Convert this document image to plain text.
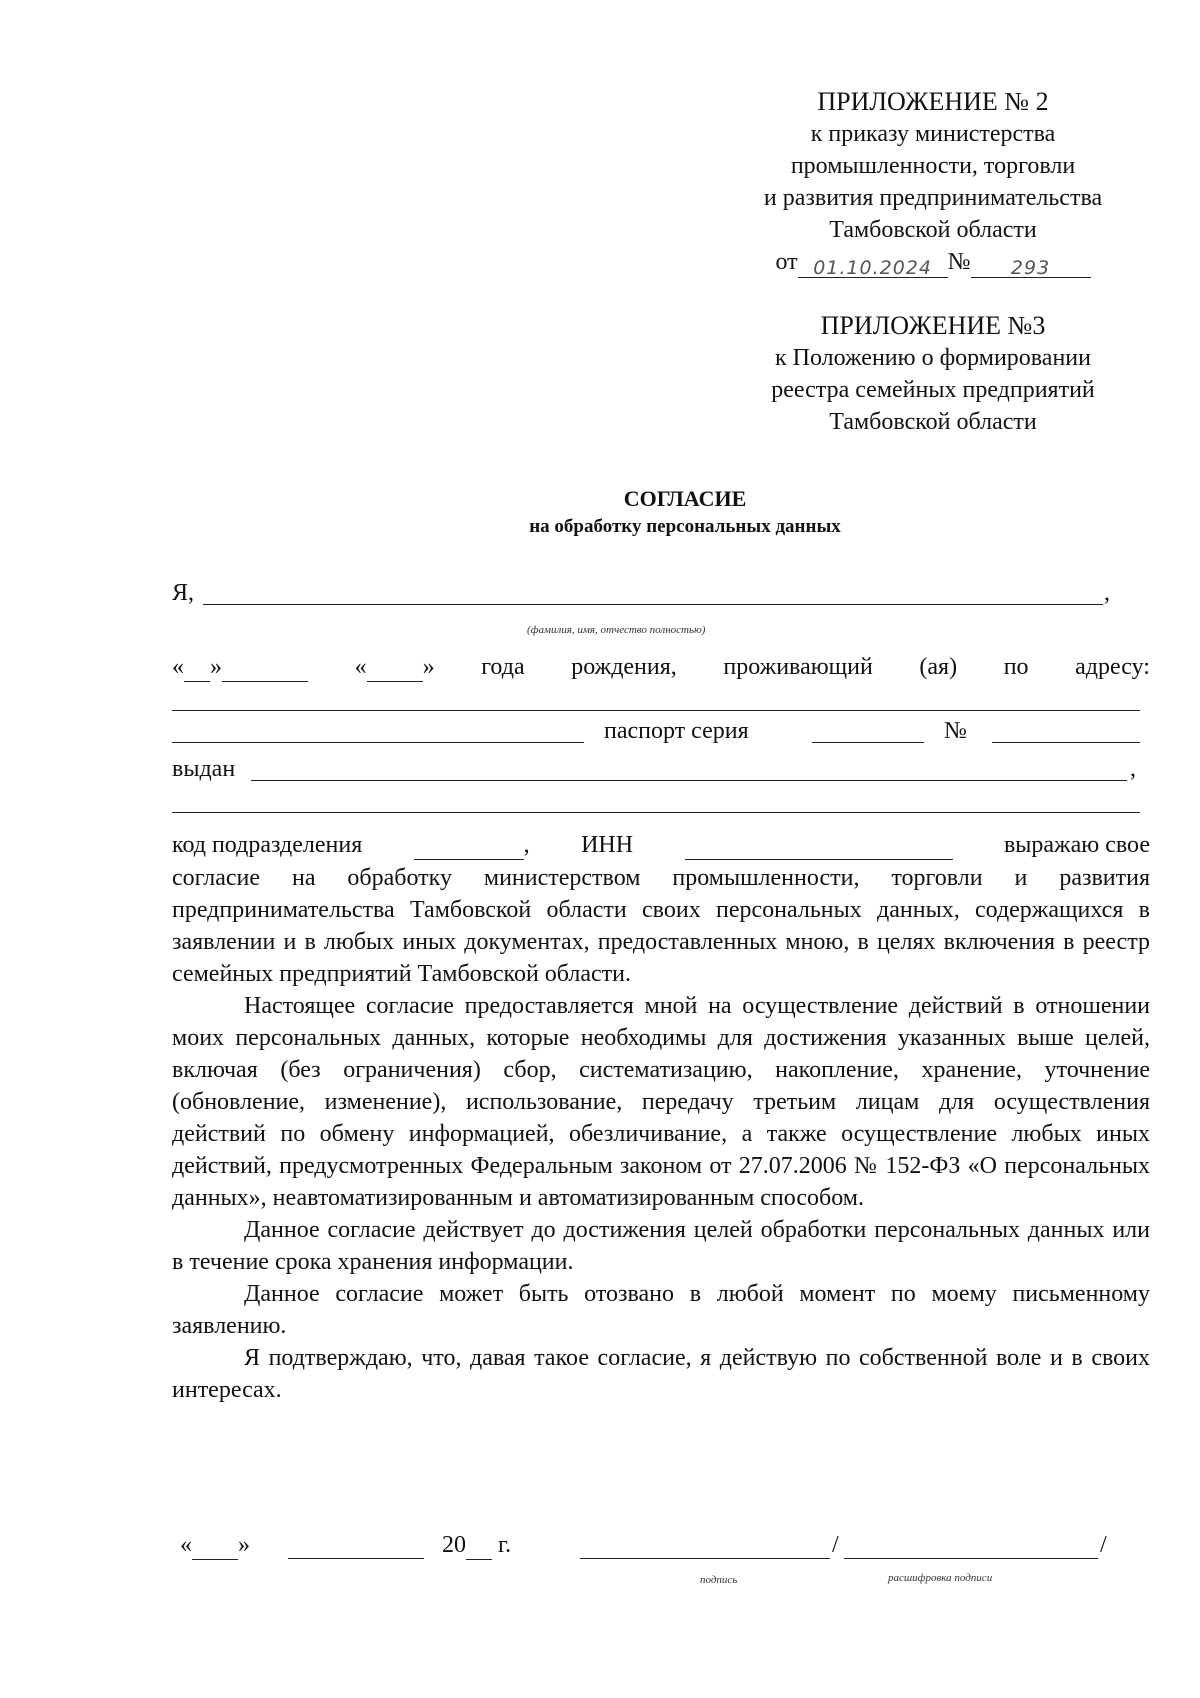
ПРИЛОЖЕНИЕ № 2
к приказу министерства
промышленности, торговли
и развития предпринимательства
Тамбовской области
от 01.10.2024 № 293
ПРИЛОЖЕНИЕ №3
к Положению о формировании
реестра семейных предприятий
Тамбовской области
СОГЛАСИЕ
на обработку персональных данных
Я,	,
(фамилия, имя, отчество полностью)
« »	« » года рождения, проживающий (ая) по адресу:
паспорт серия	№
выдан	,
код подразделения	, ИНН	выражаю свое

согласие на обработку министерством промышленности, торговли и развития предпринимательства Тамбовской области своих персональных данных, содержащихся в заявлении и в любых иных документах, предоставленных мною, в целях включения в реестр семейных предприятий Тамбовской области.

Настоящее согласие предоставляется мной на осуществление действий в отношении моих персональных данных, которые необходимы для достижения указанных выше целей, включая (без ограничения) сбор, систематизацию, накопление, хранение, уточнение (обновление, изменение), использование, передачу третьим лицам для осуществления действий по обмену информацией, обезличивание, а также осуществление любых иных действий, предусмотренных Федеральным законом от 27.07.2006 № 152-ФЗ «О персональных данных», неавтоматизированным и автоматизированным способом.

Данное согласие действует до достижения целей обработки персональных данных или в течение срока хранения информации.

Данное согласие может быть отозвано в любой момент по моему письменному заявлению.

Я подтверждаю, что, давая такое согласие, я действую по собственной воле и в своих интересах.

« »	20 г.	/	/
подпись	расшифровка подписи
